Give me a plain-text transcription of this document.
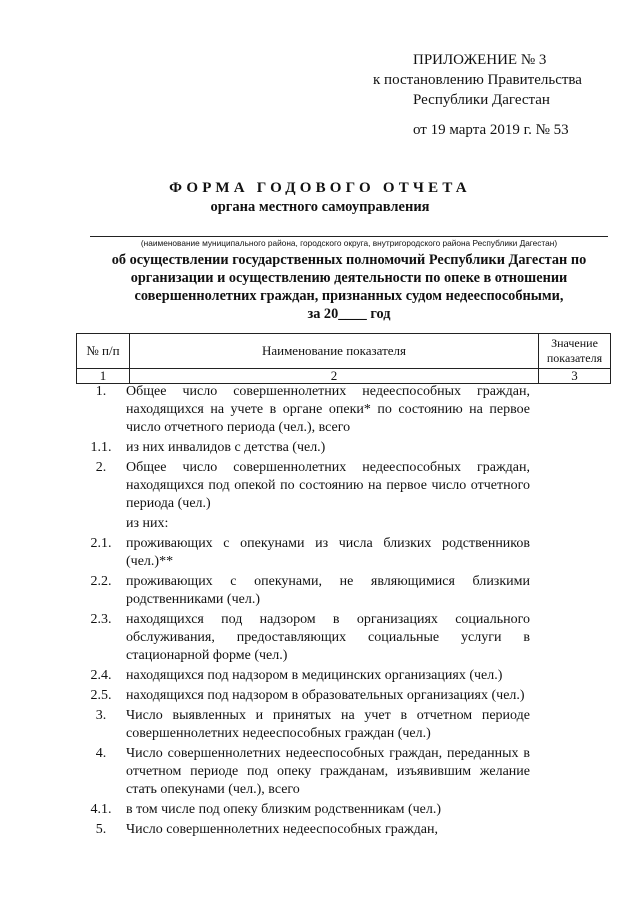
ПРИЛОЖЕНИЕ № 3
к постановлению Правительства
Республики Дагестан
от 19 марта 2019 г. № 53
ФОРМА ГОДОВОГО ОТЧЕТА
органа местного самоуправления
(наименование муниципального района, городского округа, внутригородского района Республики Дагестан)
об осуществлении государственных полномочий Республики Дагестан по
организации и осуществлению деятельности по опеке в отношении
совершеннолетних граждан, признанных судом недееспособными,
за 20____ год
№ п/п	Наименование показателя	Значение показателя
1	2	3
1.	Общее число совершеннолетних недееспособных граждан, находящихся на учете в органе опеки* по состоянию на первое число отчетного периода (чел.), всего
1.1.	из них инвалидов с детства (чел.)
2.	Общее число совершеннолетних недееспособных граждан, находящихся под опекой по состоянию на первое число отчетного периода (чел.)
из них:
2.1.	проживающих с опекунами из числа близких родственников (чел.)**
2.2.	проживающих с опекунами, не являющимися близкими родственниками (чел.)
2.3.	находящихся под надзором в организациях социального обслуживания, предоставляющих социальные услуги в стационарной форме (чел.)
2.4.	находящихся под надзором в медицинских организациях (чел.)
2.5.	находящихся под надзором в образовательных организациях (чел.)
3.	Число выявленных и принятых на учет в отчетном периоде совершеннолетних недееспособных граждан (чел.)
4.	Число совершеннолетних недееспособных граждан, переданных в отчетном периоде под опеку гражданам, изъявившим желание стать опекунами (чел.), всего
4.1.	в том числе под опеку близким родственникам (чел.)
5.	Число совершеннолетних недееспособных граждан,
